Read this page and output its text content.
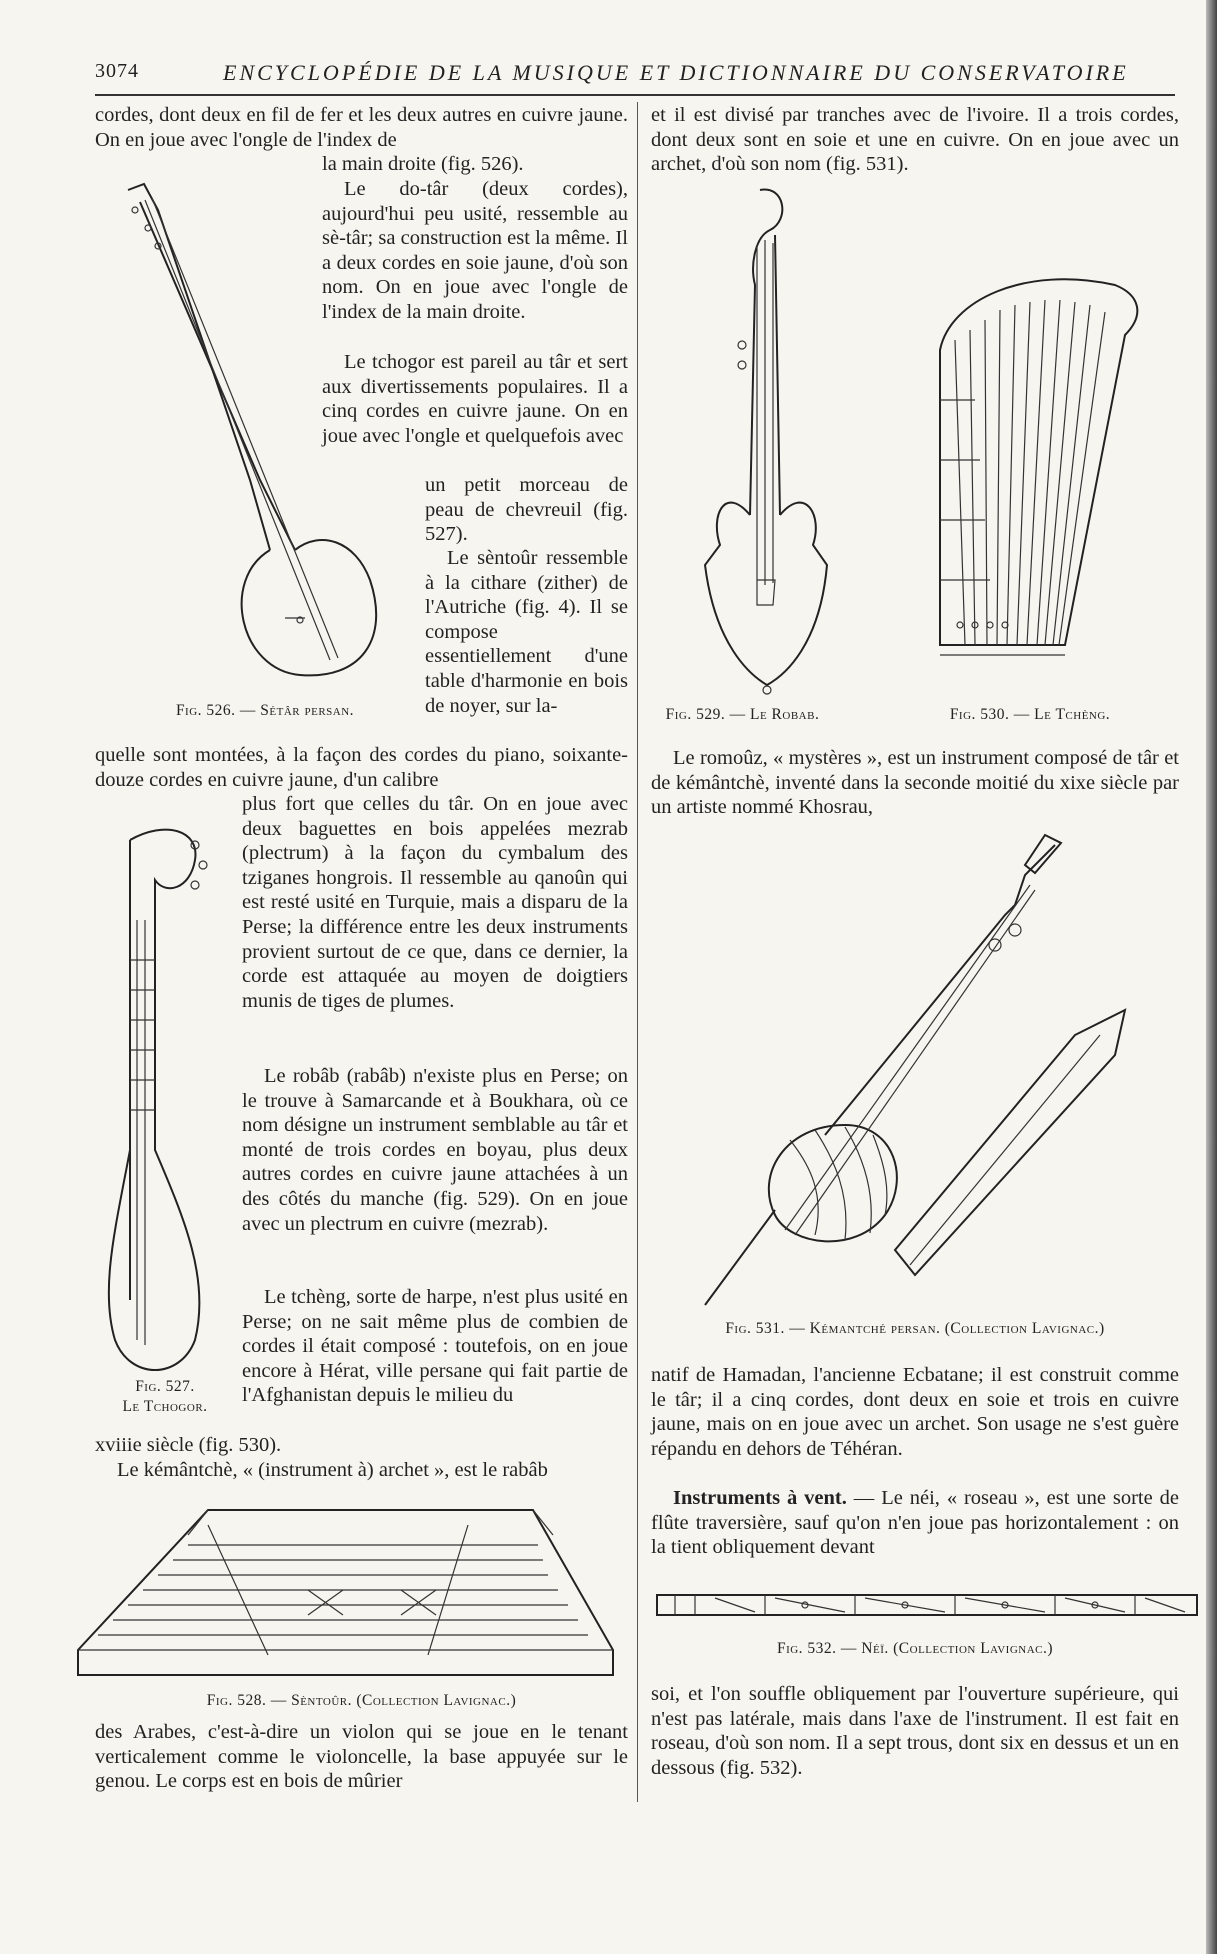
3074	ENCYCLOPÉDIE DE LA MUSIQUE ET DICTIONNAIRE DU CONSERVATOIRE

cordes, dont deux en fil de fer et les deux autres en cuivre jaune. On en joue avec l'ongle de l'index de

la main droite (fig. 526).

Le do-târ (deux cordes), aujourd'hui peu usité, ressemble au sè-târ; sa construction est la même. Il a deux cordes en soie jaune, d'où son nom. On en joue avec l'ongle de l'index de la main droite.

Le tchogor est pareil au târ et sert aux divertissements populaires. Il a cinq cordes en cuivre jaune. On en joue avec l'ongle et quelquefois avec

un petit morceau de peau de chevreuil (fig. 527).

Le sèntoûr ressemble à la cithare (zither) de l'Autriche (fig. 4). Il se compose essentiellement d'une table d'harmonie en bois de noyer, sur la-

quelle sont montées, à la façon des cordes du piano, soixante-douze cordes en cuivre jaune, d'un calibre

plus fort que celles du târ. On en joue avec deux baguettes en bois appelées mezrab (plectrum) à la façon du cymbalum des tziganes hongrois. Il ressemble au qanoûn qui est resté usité en Turquie, mais a disparu de la Perse; la différence entre les deux instruments provient surtout de ce que, dans ce dernier, la corde est attaquée au moyen de doigtiers munis de tiges de plumes.

Le robâb (rabâb) n'existe plus en Perse; on le trouve à Samarcande et à Boukhara, où ce nom désigne un instrument semblable au târ et monté de trois cordes en boyau, plus deux autres cordes en cuivre jaune attachées à un des côtés du manche (fig. 529). On en joue avec un plectrum en cuivre (mezrab).

Le tchèng, sorte de harpe, n'est plus usité en Perse; on ne sait même plus de combien de cordes il était composé : toutefois, on en joue encore à Hérat, ville persane qui fait partie de l'Afghanistan depuis le milieu du

xviiie siècle (fig. 530).

Le kémântchè, « (instrument à) archet », est le rabâb

des Arabes, c'est-à-dire un violon qui se joue en le tenant verticalement comme le violoncelle, la base appuyée sur le genou. Le corps est en bois de mûrier

et il est divisé par tranches avec de l'ivoire. Il a trois cordes, dont deux sont en soie et une en cuivre. On en joue avec un archet, d'où son nom (fig. 531).

Le romoûz, « mystères », est un instrument composé de târ et de kémântchè, inventé dans la seconde moitié du xixe siècle par un artiste nommé Khosrau,

natif de Hamadan, l'ancienne Ecbatane; il est construit comme le târ; il a cinq cordes, dont deux en soie et trois en cuivre jaune, mais on en joue avec un archet. Son usage ne s'est guère répandu en dehors de Téhéran.

Instruments à vent. — Le néi, « roseau », est une sorte de flûte traversière, sauf qu'on n'en joue pas horizontalement : on la tient obliquement devant

soi, et l'on souffle obliquement par l'ouverture supérieure, qui n'est pas latérale, mais dans l'axe de l'instrument. Il est fait en roseau, d'où son nom. Il a sept trous, dont six en dessus et un en dessous (fig. 532).

Fig. 526. — Sétâr persan.
Fig. 527.
Le Tchogor.
Fig. 528. — Sèntoûr. (Collection Lavignac.)
Fig. 529. — Le Robab.	Fig. 530. — Le Tchèng.
Fig. 531. — Kémantché persan. (Collection Lavignac.)
Fig. 532. — Néï. (Collection Lavignac.)
